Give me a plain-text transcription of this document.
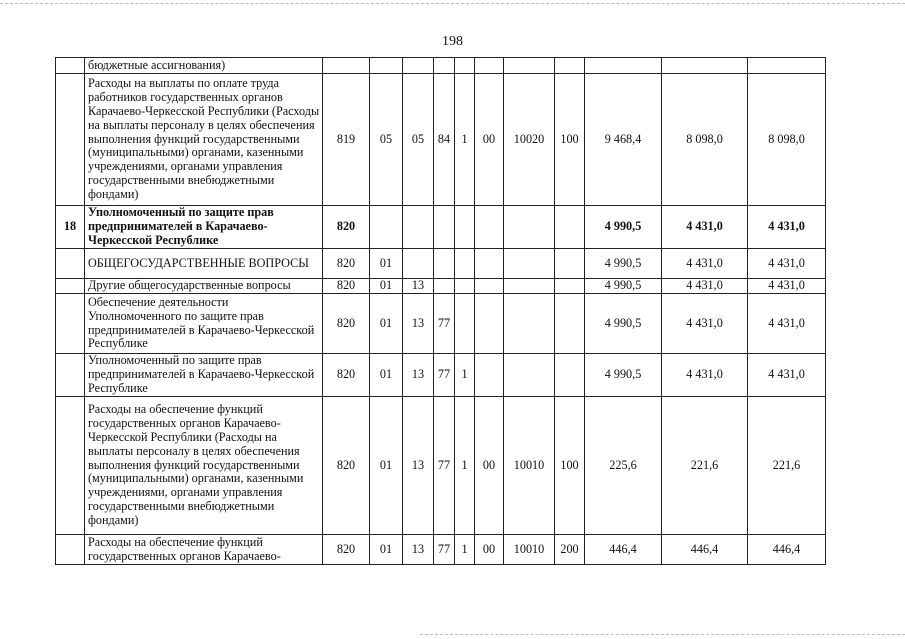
198
	бюджетные ассигнования)											
	Расходы на выплаты по оплате труда работников государственных органов Карачаево-Черкесской Республики (Расходы на выплаты персоналу в целях обеспечения выполнения функций государственными (муниципальными) органами, казенными учреждениями, органами управления государственными внебюджетными фондами)	819	05	05	84	1	00	10020	100	9 468,4	8 098,0	8 098,0
18	Уполномоченный по защите прав предпринимателей в Карачаево-Черкесской Республике	820								4 990,5	4 431,0	4 431,0
	ОБЩЕГОСУДАРСТВЕННЫЕ ВОПРОСЫ	820	01							4 990,5	4 431,0	4 431,0
	Другие общегосударственные вопросы	820	01	13						4 990,5	4 431,0	4 431,0
	Обеспечение деятельности Уполномоченного по защите прав предпринимателей в Карачаево-Черкесской Республике	820	01	13	77					4 990,5	4 431,0	4 431,0
	Уполномоченный по защите прав предпринимателей в Карачаево-Черкесской Республике	820	01	13	77	1				4 990,5	4 431,0	4 431,0
	Расходы на обеспечение функций государственных органов Карачаево-Черкесской Республики (Расходы на выплаты персоналу в целях обеспечения выполнения функций государственными (муниципальными) органами, казенными учреждениями, органами управления государственными внебюджетными фондами)	820	01	13	77	1	00	10010	100	225,6	221,6	221,6
	Расходы на обеспечение функций государственных органов Карачаево-	820	01	13	77	1	00	10010	200	446,4	446,4	446,4
